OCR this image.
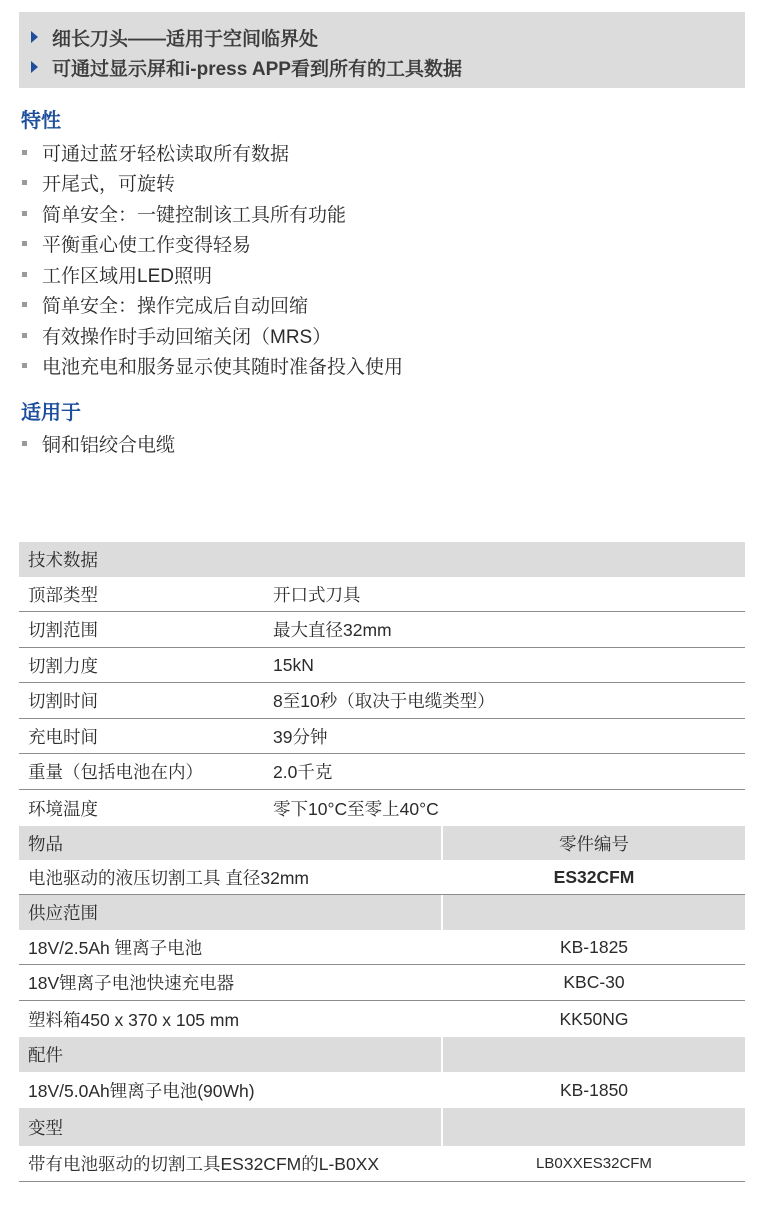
细长刀头——适用于空间临界处
可通过显示屏和i-press APP看到所有的工具数据
特性
可通过蓝牙轻松读取所有数据
开尾式，可旋转
简单安全：一键控制该工具所有功能
平衡重心使工作变得轻易
工作区域用LED照明
简单安全：操作完成后自动回缩
有效操作时手动回缩关闭（MRS）
电池充电和服务显示使其随时准备投入使用
适用于
铜和铝绞合电缆
技术数据
顶部类型	开口式刀具
切割范围	最大直径32mm
切割力度	15kN
切割时间	8至10秒（取决于电缆类型）
充电时间	39分钟
重量（包括电池在内）	2.0千克
环境温度	零下10°C至零上40°C
物品	零件编号
电池驱动的液压切割工具 直径32mm	ES32CFM
供应范围
18V/2.5Ah 锂离子电池	KB-1825
18V锂离子电池快速充电器	KBC-30
塑料箱450 x 370 x 105 mm	KK50NG
配件
18V/5.0Ah锂离子电池(90Wh)	KB-1850
变型
带有电池驱动的切割工具ES32CFM的L-B0XX	LB0XXES32CFM
